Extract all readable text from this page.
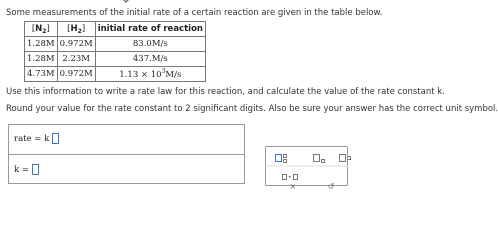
Some measurements of the initial rate of a certain reaction are given in the table below.
$[N_2]$	$[H_2]$	initial rate of reaction
1.28M	0.972M	83.0M/s
1.28M	2.23M	437.M/s
4.73M	0.972M	$1.13 \times 10^3M/s$
Use this information to write a rate law for this reaction, and calculate the value of the rate constant k.
Round your value for the rate constant to 2 significant digits. Also be sure your answer has the correct unit symbol.
rate = k
k =
•
×	↺
